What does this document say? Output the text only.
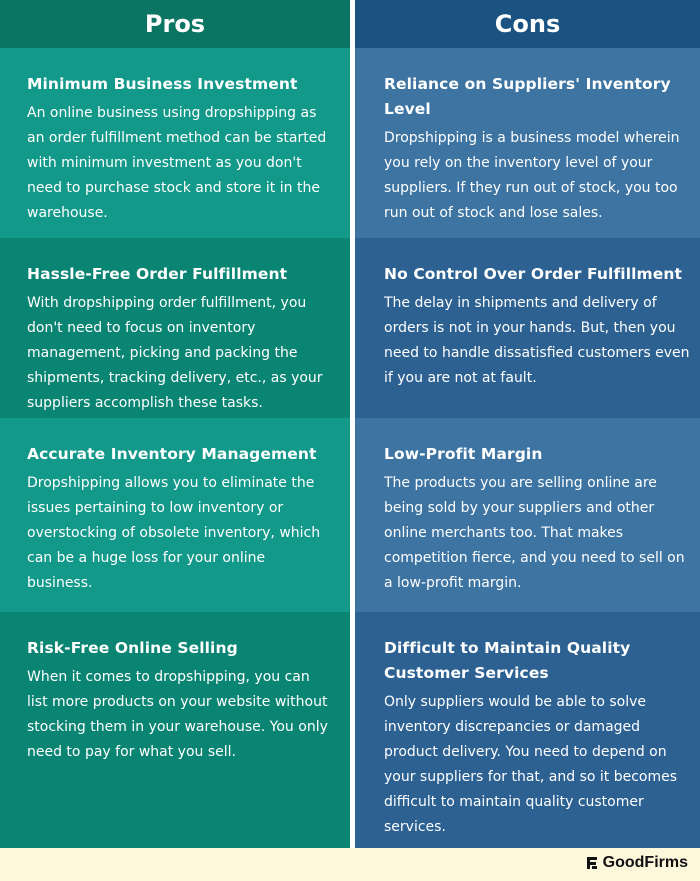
Pros
Minimum Business Investment

An online business using dropshipping as an order fulfillment method can be started with minimum investment as you don't need to purchase stock and store it in the warehouse.

Hassle-Free Order Fulfillment

With dropshipping order fulfillment, you don't need to focus on inventory management, picking and packing the shipments, tracking delivery, etc., as your suppliers accomplish these tasks.

Accurate Inventory Management

Dropshipping allows you to eliminate the issues pertaining to low inventory or overstocking of obsolete inventory, which can be a huge loss for your online business.

Risk-Free Online Selling

When it comes to dropshipping, you can list more products on your website without stocking them in your warehouse. You only need to pay for what you sell.

Cons
Reliance on Suppliers' Inventory Level

Dropshipping is a business model wherein you rely on the inventory level of your suppliers. If they run out of stock, you too run out of stock and lose sales.

No Control Over Order Fulfillment

The delay in shipments and delivery of orders is not in your hands. But, then you need to handle dissatisfied customers even if you are not at fault.

Low-Profit Margin

The products you are selling online are being sold by your suppliers and other online merchants too. That makes competition fierce, and you need to sell on a low-profit margin.

Difficult to Maintain Quality Customer Services

Only suppliers would be able to solve inventory discrepancies or damaged product delivery. You need to depend on your suppliers for that, and so it becomes difficult to maintain quality customer services.

GoodFirms
